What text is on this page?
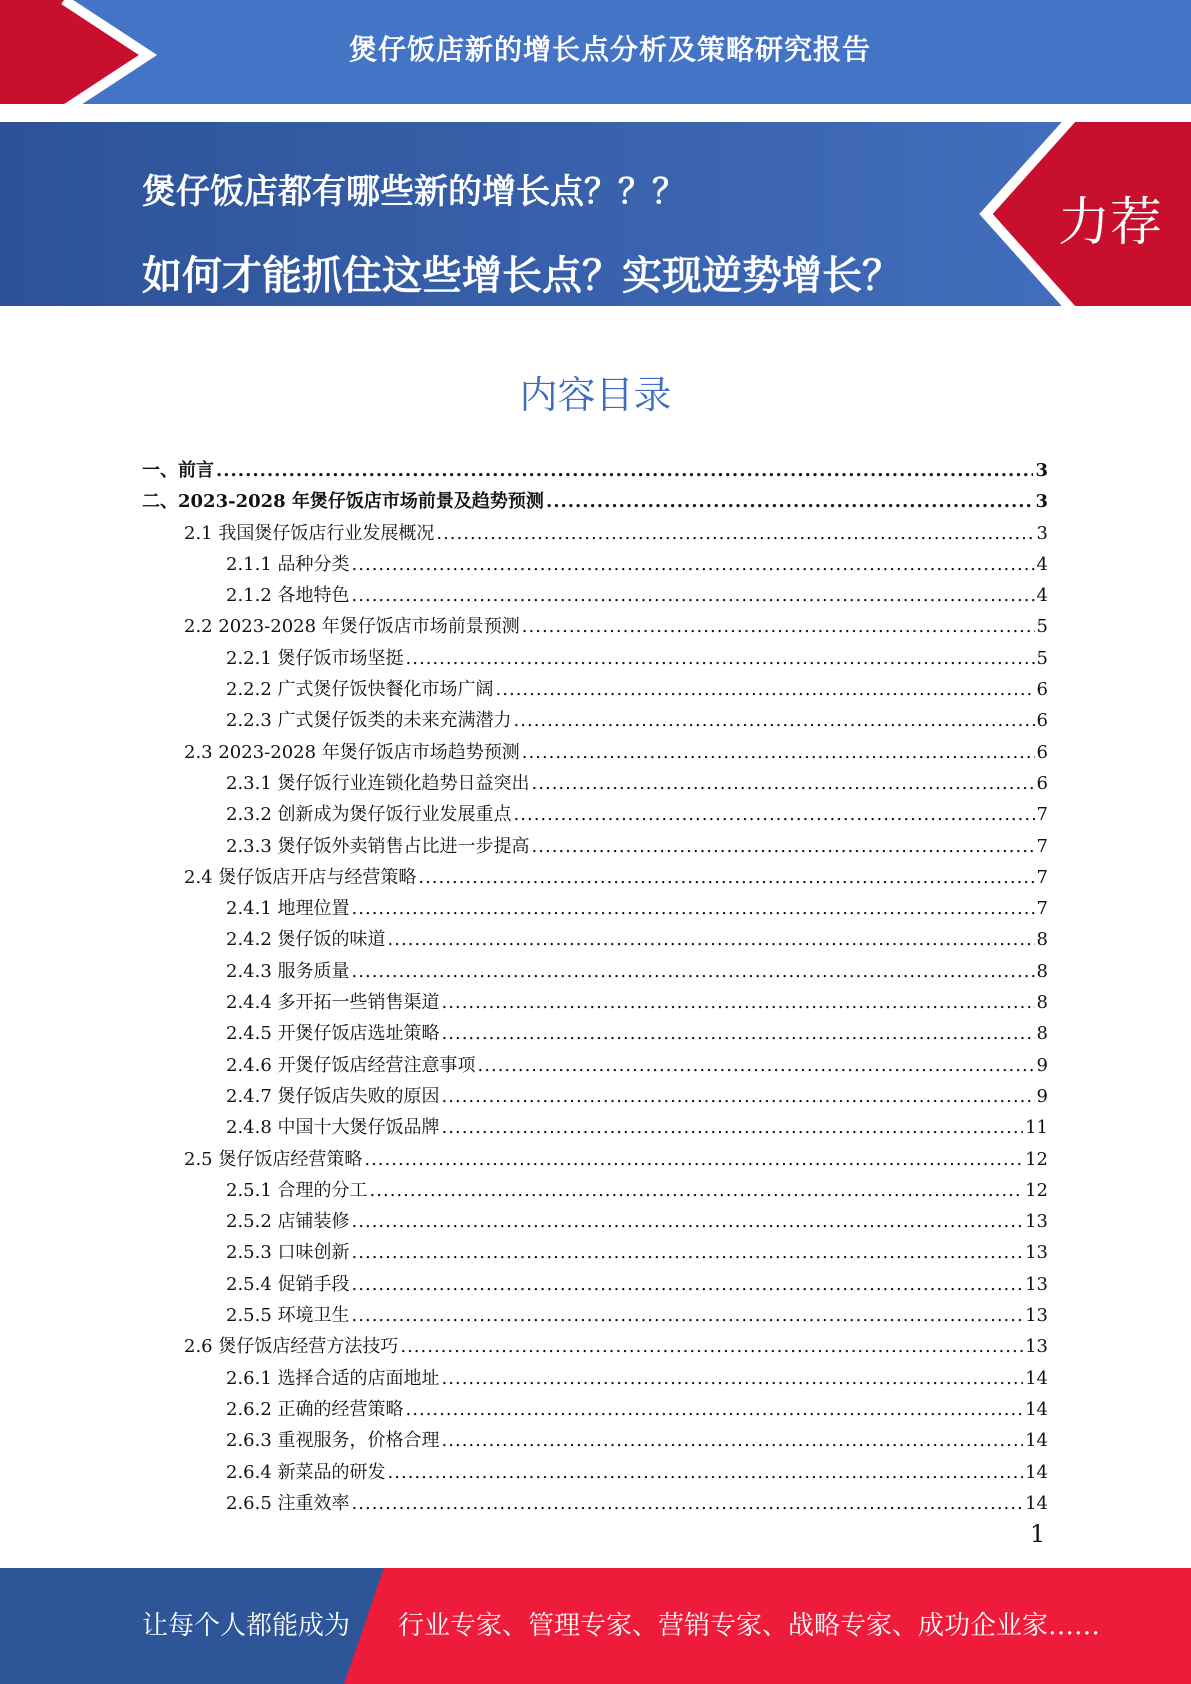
煲仔饭店新的增长点分析及策略研究报告
煲仔饭店都有哪些新的增长点？？？
如何才能抓住这些增长点？实现逆势增长？
力荐
内容目录
一、前言 .....	3
二、2023-2028 年煲仔饭店市场前景及趋势预测 .....	3
2.1 我国煲仔饭店行业发展概况 .....	3
2.1.1 品种分类 .....	4
2.1.2 各地特色 .....	4
2.2 2023-2028 年煲仔饭店市场前景预测 .....	5
2.2.1 煲仔饭市场坚挺 .....	5
2.2.2 广式煲仔饭快餐化市场广阔 .....	6
2.2.3 广式煲仔饭类的未来充满潜力 .....	6
2.3 2023-2028 年煲仔饭店市场趋势预测 .....	6
2.3.1 煲仔饭行业连锁化趋势日益突出 .....	6
2.3.2 创新成为煲仔饭行业发展重点 .....	7
2.3.3 煲仔饭外卖销售占比进一步提高 .....	7
2.4 煲仔饭店开店与经营策略 .....	7
2.4.1 地理位置 .....	7
2.4.2 煲仔饭的味道 .....	8
2.4.3 服务质量 .....	8
2.4.4 多开拓一些销售渠道 .....	8
2.4.5 开煲仔饭店选址策略 .....	8
2.4.6 开煲仔饭店经营注意事项 .....	9
2.4.7 煲仔饭店失败的原因 .....	9
2.4.8 中国十大煲仔饭品牌 .....	11
2.5 煲仔饭店经营策略 .....	12
2.5.1 合理的分工 .....	12
2.5.2 店铺装修 .....	13
2.5.3 口味创新 .....	13
2.5.4 促销手段 .....	13
2.5.5 环境卫生 .....	13
2.6 煲仔饭店经营方法技巧 .....	13
2.6.1 选择合适的店面地址 .....	14
2.6.2 正确的经营策略 .....	14
2.6.3 重视服务，价格合理 .....	14
2.6.4 新菜品的研发 .....	14
2.6.5 注重效率 .....	14
1
让每个人都能成为 行业专家、管理专家、营销专家、战略专家、成功企业家……
